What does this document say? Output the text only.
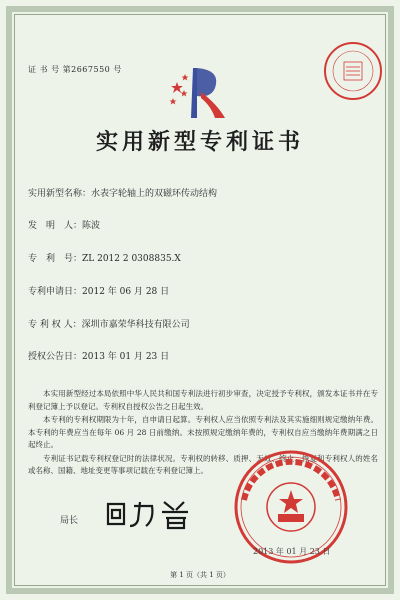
证 书 号 第2667550 号
实用新型专利证书
实用新型名称：水表字轮轴上的双磁环传动结构
发　明　人：陈波
专　利　号：ZL 2012 2 0308835.X
专利申请日：2012 年 06 月 28 日
专 利 权 人：深圳市嘉荣华科技有限公司
授权公告日：2013 年 01 月 23 日

本实用新型经过本局依照中华人民共和国专利法进行初步审查，决定授予专利权，颁发本证书并在专利登记簿上予以登记。专利权自授权公告之日起生效。

本专利的专利权期限为十年，自申请日起算。专利权人应当依照专利法及其实施细则规定缴纳年费。本专利的年费应当在每年 06 月 28 日前缴纳。未按照规定缴纳年费的，专利权自应当缴纳年费期满之日起终止。

专利证书记载专利权登记时的法律状况。专利权的转移、质押、无效、终止、恢复和专利权人的姓名或名称、国籍、地址变更等事项记载在专利登记簿上。

局长
2013 年 01 月 23 日
第 1 页（共 1 页）
